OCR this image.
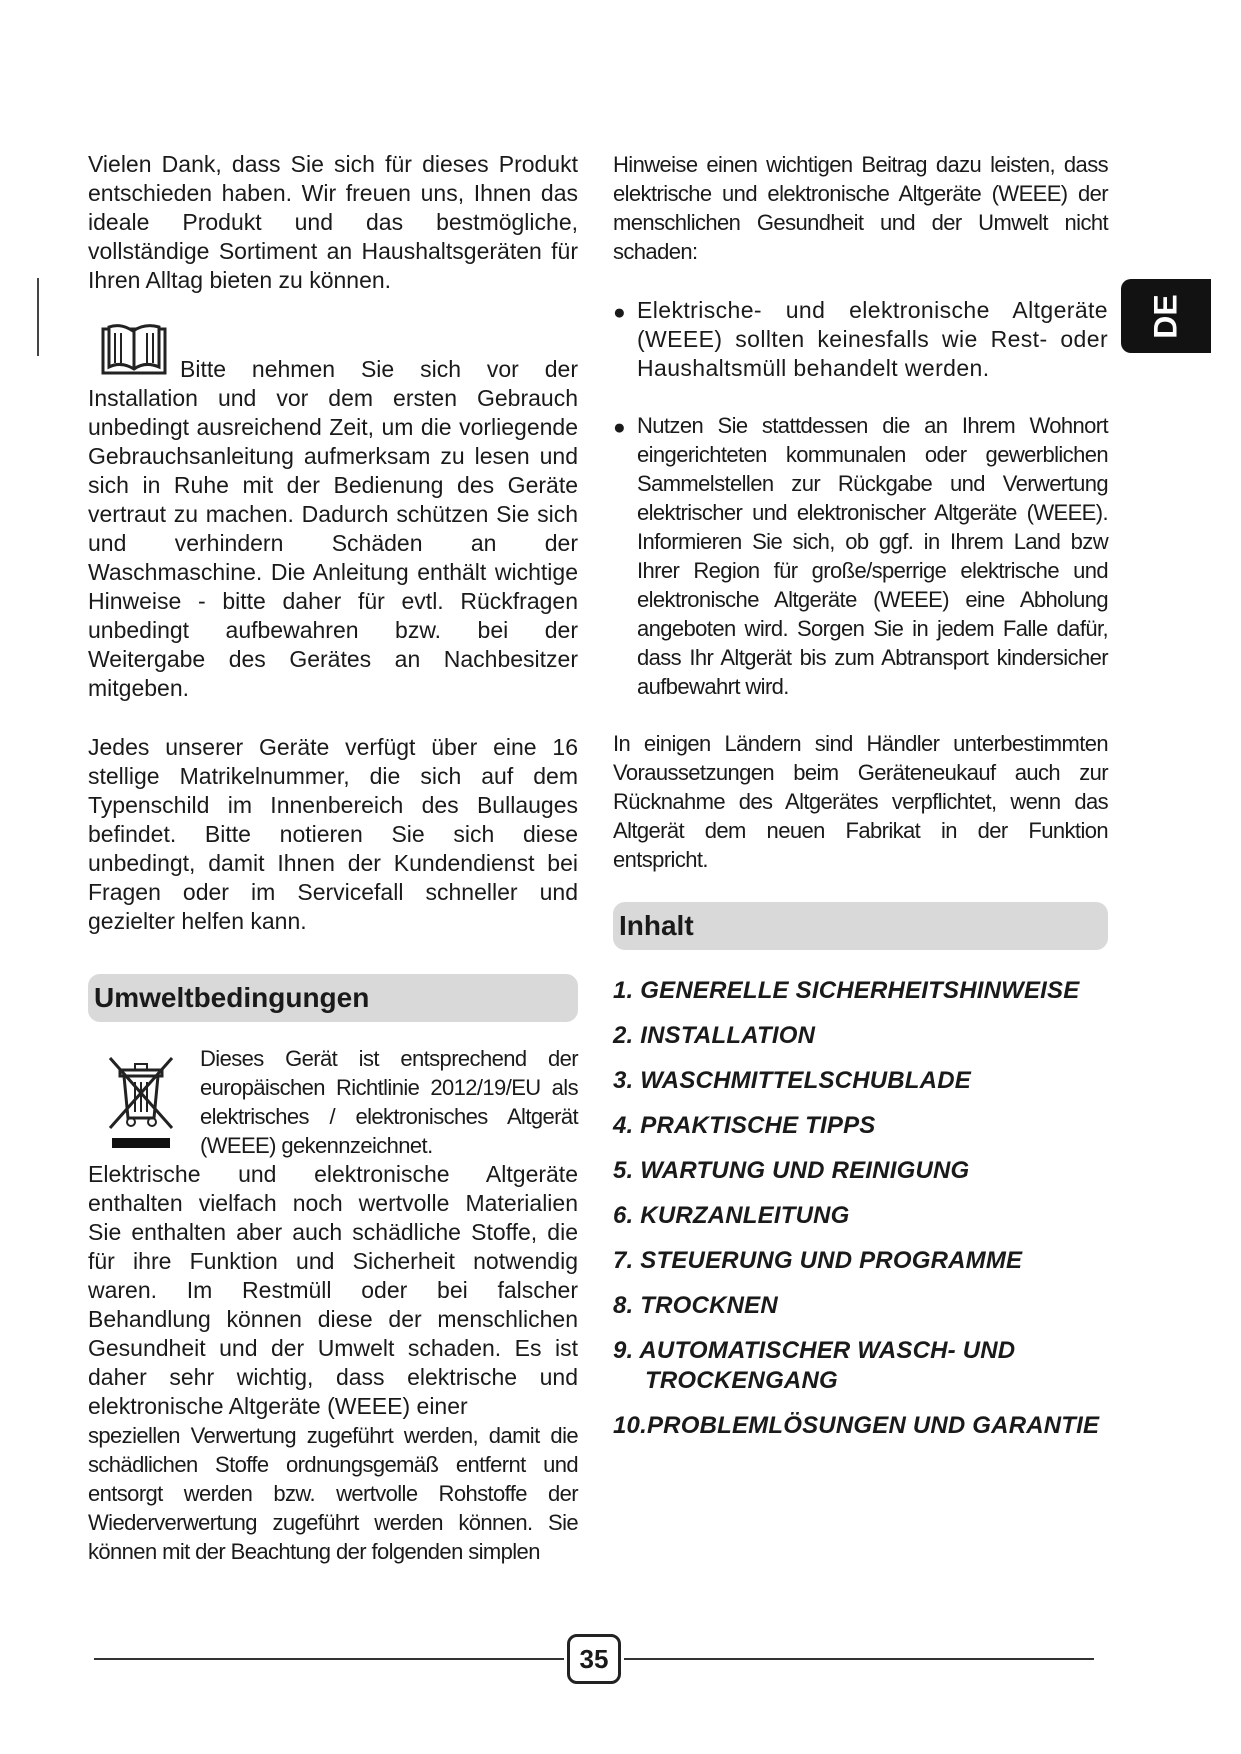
DE

Vielen Dank, dass Sie sich für dieses Produkt entschieden haben. Wir freuen uns, Ihnen das ideale Produkt und das bestmögliche, vollständige Sortiment an Haushaltsgeräten für Ihren Alltag bieten zu können.

Bitte nehmen Sie sich vor der Installation und vor dem ersten Gebrauch unbedingt ausreichend Zeit, um die vorliegende Gebrauchsanleitung aufmerksam zu lesen und sich in Ruhe mit der Bedienung des Geräte vertraut zu machen. Dadurch schützen Sie sich und verhindern Schäden an der Waschmaschine. Die Anleitung enthält wichtige Hinweise - bitte daher für evtl. Rückfragen unbedingt aufbewahren bzw. bei der Weitergabe des Gerätes an Nachbesitzer mitgeben.

Jedes unserer Geräte verfügt über eine 16 stellige Matrikelnummer, die sich auf dem Typenschild im Innenbereich des Bullauges befindet. Bitte notieren Sie sich diese unbedingt, damit Ihnen der Kundendienst bei Fragen oder im Servicefall schneller und gezielter helfen kann.

Umweltbedingungen

Dieses Gerät ist entsprechend der europäischen Richtlinie 2012/19/EU als elektrisches / elektronisches Altgerät (WEEE) gekennzeichnet.

Elektrische und elektronische Altgeräte enthalten vielfach noch wertvolle Materialien Sie enthalten aber auch schädliche Stoffe, die für ihre Funktion und Sicherheit notwendig waren. Im Restmüll oder bei falscher Behandlung können diese der menschlichen Gesundheit und der Umwelt schaden. Es ist daher sehr wichtig, dass elektrische und elektronische Altgeräte (WEEE) einer

speziellen Verwertung zugeführt werden, damit die schädlichen Stoffe ordnungsgemäß entfernt und entsorgt werden bzw. wertvolle Rohstoffe der Wiederverwertung zugeführt werden können. Sie können mit der Beachtung der folgenden simplen

Hinweise einen wichtigen Beitrag dazu leisten, dass elektrische und elektronische Altgeräte (WEEE) der menschlichen Gesundheit und der Umwelt nicht schaden:

● Elektrische- und elektronische Altgeräte (WEEE) sollten keinesfalls wie Rest- oder Haushaltsmüll behandelt werden.

● Nutzen Sie stattdessen die an Ihrem Wohnort eingerichteten kommunalen oder gewerblichen Sammelstellen zur Rückgabe und Verwertung elektrischer und elektronischer Altgeräte (WEEE). Informieren Sie sich, ob ggf. in Ihrem Land bzw Ihrer Region für große/sperrige elektrische und elektronische Altgeräte (WEEE) eine Abholung angeboten wird. Sorgen Sie in jedem Falle dafür, dass Ihr Altgerät bis zum Abtransport kindersicher aufbewahrt wird.

In einigen Ländern sind Händler unterbestimmten Voraussetzungen beim Geräteneukauf auch zur Rücknahme des Altgerätes verpflichtet, wenn das Altgerät dem neuen Fabrikat in der Funktion entspricht.

Inhalt
1. GENERELLE SICHERHEITSHINWEISE
2. INSTALLATION
3. WASCHMITTELSCHUBLADE
4. PRAKTISCHE TIPPS
5. WARTUNG UND REINIGUNG
6. KURZANLEITUNG
7. STEUERUNG UND PROGRAMME
8. TROCKNEN
9. AUTOMATISCHER WASCH- UND
TROCKENGANG
10.PROBLEMLÖSUNGEN UND GARANTIE
35
